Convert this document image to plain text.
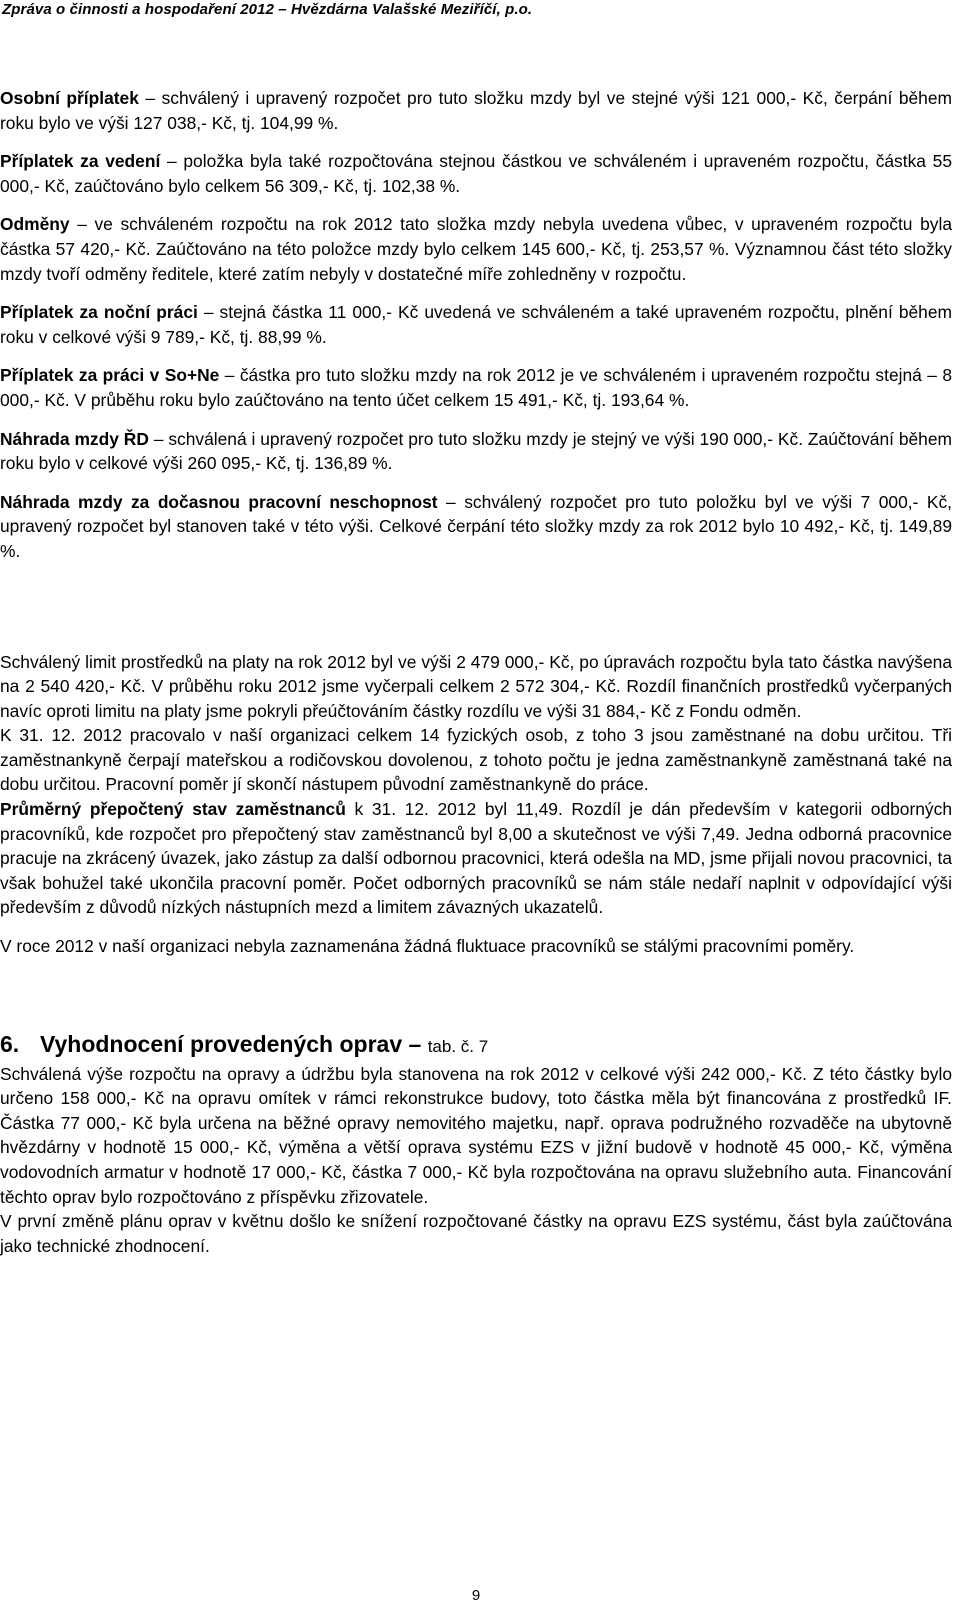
Zpráva o činnosti a hospodaření 2012 – Hvězdárna Valašské Meziříčí, p.o.

Osobní příplatek – schválený i upravený rozpočet pro tuto složku mzdy byl ve stejné výši 121 000,- Kč, čerpání během roku bylo ve výši 127 038,- Kč, tj. 104,99 %.

Příplatek za vedení – položka byla také rozpočtována stejnou částkou ve schváleném i upraveném rozpočtu, částka 55 000,- Kč, zaúčtováno bylo celkem 56 309,- Kč, tj. 102,38 %.

Odměny – ve schváleném rozpočtu na rok 2012 tato složka mzdy nebyla uvedena vůbec, v upraveném rozpočtu byla částka 57 420,- Kč. Zaúčtováno na této položce mzdy bylo celkem 145 600,- Kč, tj. 253,57 %. Významnou část této složky mzdy tvoří odměny ředitele, které zatím nebyly v dostatečné míře zohledněny v rozpočtu.

Příplatek za noční práci – stejná částka 11 000,- Kč uvedená ve schváleném a také upraveném rozpočtu, plnění během roku v celkové výši 9 789,- Kč, tj. 88,99 %.

Příplatek za práci v So+Ne – částka pro tuto složku mzdy na rok 2012 je ve schváleném i upraveném rozpočtu stejná – 8 000,- Kč. V průběhu roku bylo zaúčtováno na tento účet celkem 15 491,- Kč, tj. 193,64 %.

Náhrada mzdy ŘD – schválená i upravený rozpočet pro tuto složku mzdy je stejný ve výši 190 000,- Kč. Zaúčtování během roku bylo v celkové výši 260 095,- Kč, tj. 136,89 %.

Náhrada mzdy za dočasnou pracovní neschopnost – schválený rozpočet pro tuto položku byl ve výši 7 000,- Kč, upravený rozpočet byl stanoven také v této výši. Celkové čerpání této složky mzdy za rok 2012 bylo 10 492,- Kč, tj. 149,89 %.

Schválený limit prostředků na platy na rok 2012 byl ve výši 2 479 000,- Kč, po úpravách rozpočtu byla tato částka navýšena na 2 540 420,- Kč. V průběhu roku 2012 jsme vyčerpali celkem 2 572 304,- Kč. Rozdíl finančních prostředků vyčerpaných navíc oproti limitu na platy jsme pokryli přeúčtováním částky rozdílu ve výši 31 884,- Kč z Fondu odměn.

K 31. 12. 2012 pracovalo v naší organizaci celkem 14 fyzických osob, z toho 3 jsou zaměstnané na dobu určitou. Tři zaměstnankyně čerpají mateřskou a rodičovskou dovolenou, z tohoto počtu je jedna zaměstnankyně zaměstnaná také na dobu určitou. Pracovní poměr jí skončí nástupem původní zaměstnankyně do práce.

Průměrný přepočtený stav zaměstnanců k 31. 12. 2012 byl 11,49. Rozdíl je dán především v kategorii odborných pracovníků, kde rozpočet pro přepočtený stav zaměstnanců byl 8,00 a skutečnost ve výši 7,49. Jedna odborná pracovnice pracuje na zkrácený úvazek, jako zástup za další odbornou pracovnici, která odešla na MD, jsme přijali novou pracovnici, ta však bohužel také ukončila pracovní poměr. Počet odborných pracovníků se nám stále nedaří naplnit v odpovídající výši především z důvodů nízkých nástupních mezd a limitem závazných ukazatelů.

V roce 2012 v naší organizaci nebyla zaznamenána žádná fluktuace pracovníků se stálými pracovními poměry.

6. Vyhodnocení provedených oprav – tab. č. 7

Schválená výše rozpočtu na opravy a údržbu byla stanovena na rok 2012 v celkové výši 242 000,- Kč. Z této částky bylo určeno 158 000,- Kč na opravu omítek v rámci rekonstrukce budovy, toto částka měla být financována z prostředků IF. Částka 77 000,- Kč byla určena na běžné opravy nemovitého majetku, např. oprava podružného rozvaděče na ubytovně hvězdárny v hodnotě 15 000,- Kč, výměna a větší oprava systému EZS v jižní budově v hodnotě 45 000,- Kč, výměna vodovodních armatur v hodnotě 17 000,- Kč, částka 7 000,- Kč byla rozpočtována na opravu služebního auta. Financování těchto oprav bylo rozpočtováno z příspěvku zřizovatele.

V první změně plánu oprav v květnu došlo ke snížení rozpočtované částky na opravu EZS systému, část byla zaúčtována jako technické zhodnocení.

9
